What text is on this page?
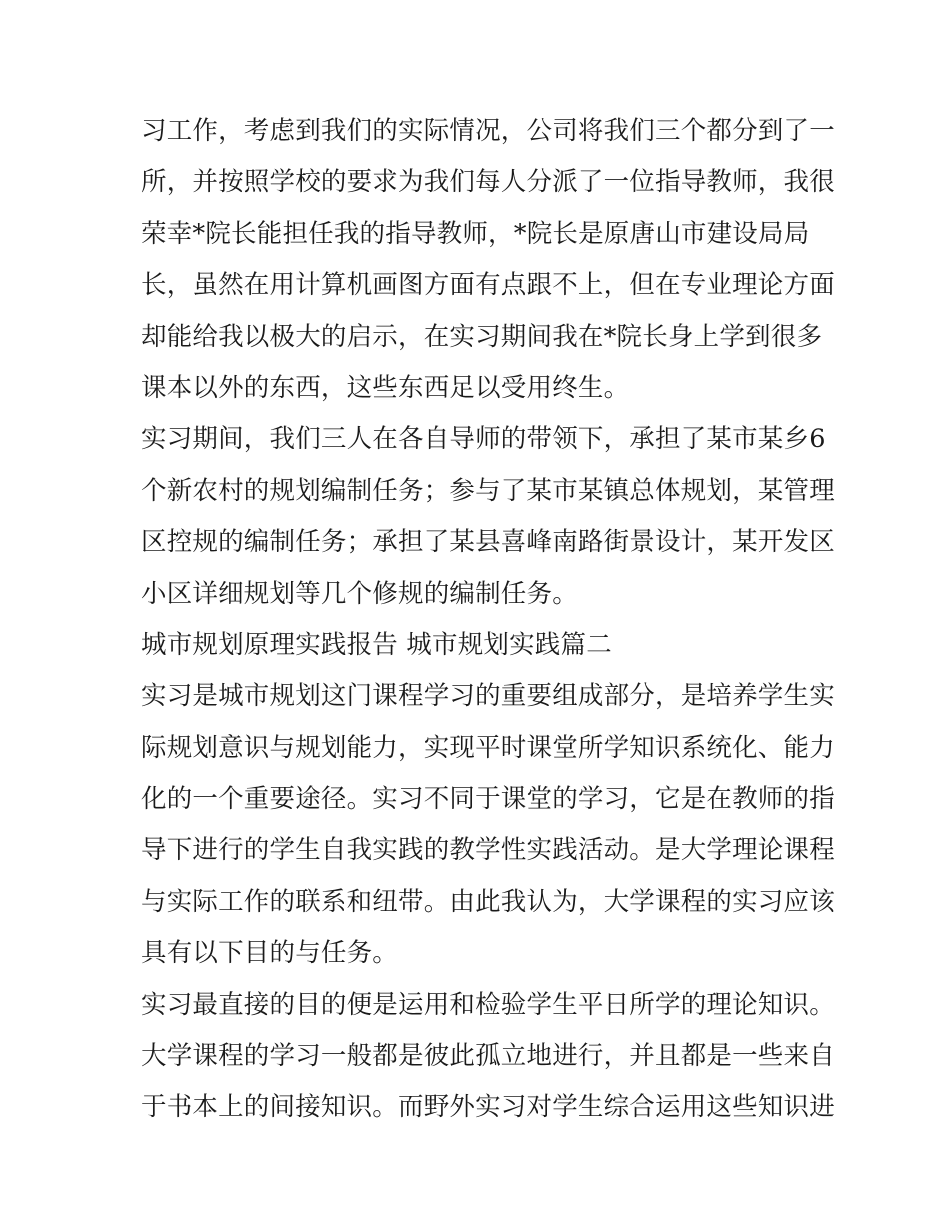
习工作，考虑到我们的实际情况，公司将我们三个都分到了一
所，并按照学校的要求为我们每人分派了一位指导教师，我很
荣幸*院长能担任我的指导教师，*院长是原唐山市建设局局
长，虽然在用计算机画图方面有点跟不上，但在专业理论方面
却能给我以极大的启示，在实习期间我在*院长身上学到很多
课本以外的东西，这些东西足以受用终生。
实习期间，我们三人在各自导师的带领下，承担了某市某乡6
个新农村的规划编制任务；参与了某市某镇总体规划，某管理
区控规的编制任务；承担了某县喜峰南路街景设计，某开发区
小区详细规划等几个修规的编制任务。
城市规划原理实践报告 城市规划实践篇二
实习是城市规划这门课程学习的重要组成部分，是培养学生实
际规划意识与规划能力，实现平时课堂所学知识系统化、能力
化的一个重要途径。实习不同于课堂的学习，它是在教师的指
导下进行的学生自我实践的教学性实践活动。是大学理论课程
与实际工作的联系和纽带。由此我认为，大学课程的实习应该
具有以下目的与任务。
实习最直接的目的便是运用和检验学生平日所学的理论知识。
大学课程的学习一般都是彼此孤立地进行，并且都是一些来自
于书本上的间接知识。而野外实习对学生综合运用这些知识进
